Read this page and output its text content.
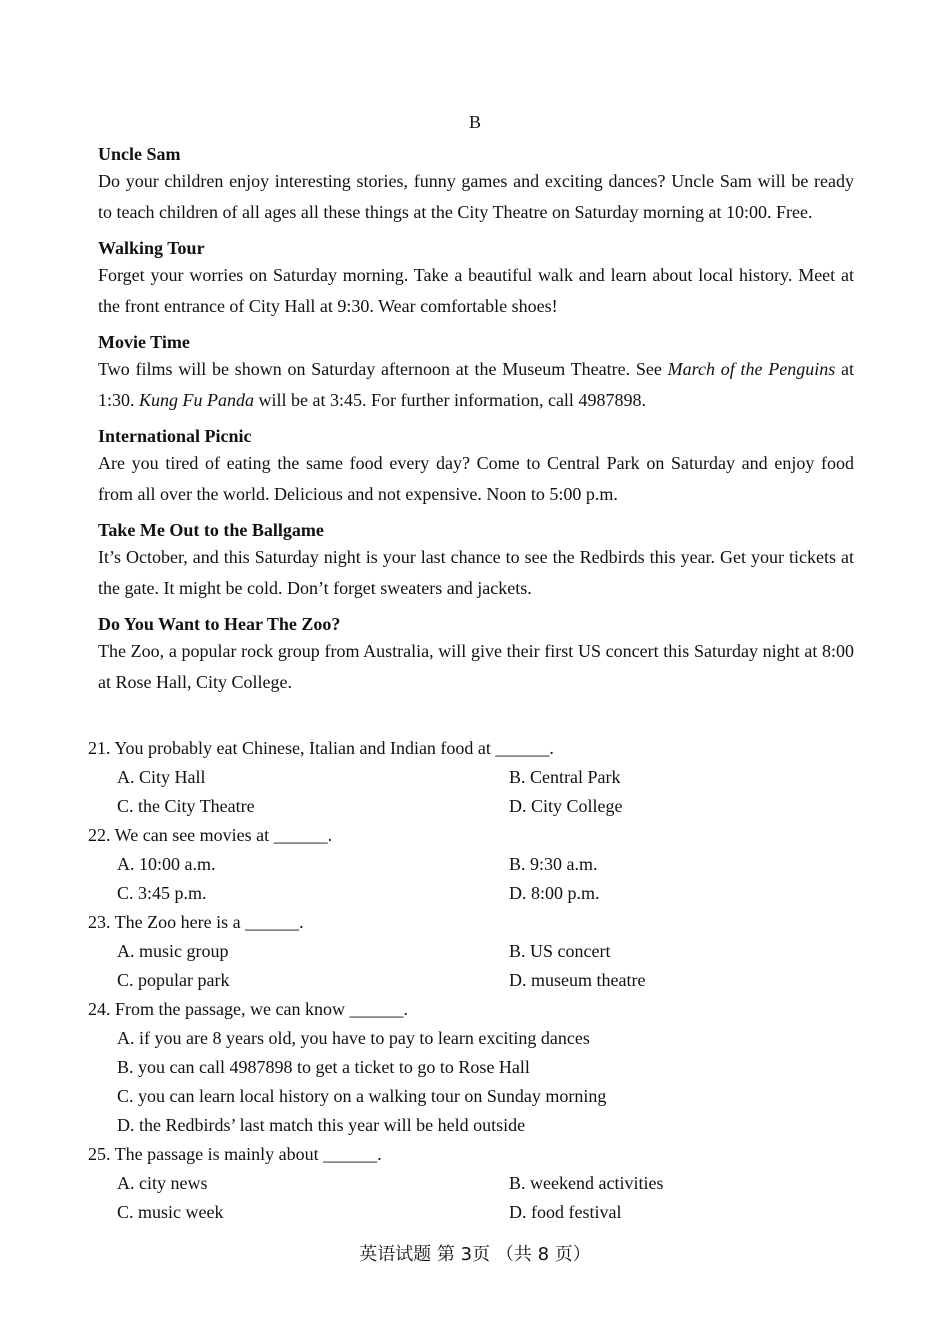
B
Uncle Sam

Do your children enjoy interesting stories, funny games and exciting dances? Uncle Sam will be ready to teach children of all ages all these things at the City Theatre on Saturday morning at 10:00. Free.

Walking Tour

Forget your worries on Saturday morning. Take a beautiful walk and learn about local history. Meet at the front entrance of City Hall at 9:30. Wear comfortable shoes!

Movie Time

Two films will be shown on Saturday afternoon at the Museum Theatre. See March of the Penguins at 1:30. Kung Fu Panda will be at 3:45. For further information, call 4987898.

International Picnic

Are you tired of eating the same food every day? Come to Central Park on Saturday and enjoy food from all over the world. Delicious and not expensive. Noon to 5:00 p.m.

Take Me Out to the Ballgame

It’s October, and this Saturday night is your last chance to see the Redbirds this year. Get your tickets at the gate. It might be cold. Don’t forget sweaters and jackets.

Do You Want to Hear The Zoo?

The Zoo, a popular rock group from Australia, will give their first US concert this Saturday night at 8:00 at Rose Hall, City College.

21. You probably eat Chinese, Italian and Indian food at ______.
A. City Hall	B. Central Park
C. the City Theatre	D. City College
22. We can see movies at ______.
A. 10:00 a.m.	B. 9:30 a.m.
C. 3:45 p.m.	D. 8:00 p.m.
23. The Zoo here is a ______.
A. music group	B. US concert
C. popular park	D. museum theatre
24. From the passage, we can know ______.
A. if you are 8 years old, you have to pay to learn exciting dances
B. you can call 4987898 to get a ticket to go to Rose Hall
C. you can learn local history on a walking tour on Sunday morning
D. the Redbirds’ last match this year will be held outside
25. The passage is mainly about ______.
A. city news	B. weekend activities
C. music week	D. food festival
英语试题 第 3页 （共 8 页）
